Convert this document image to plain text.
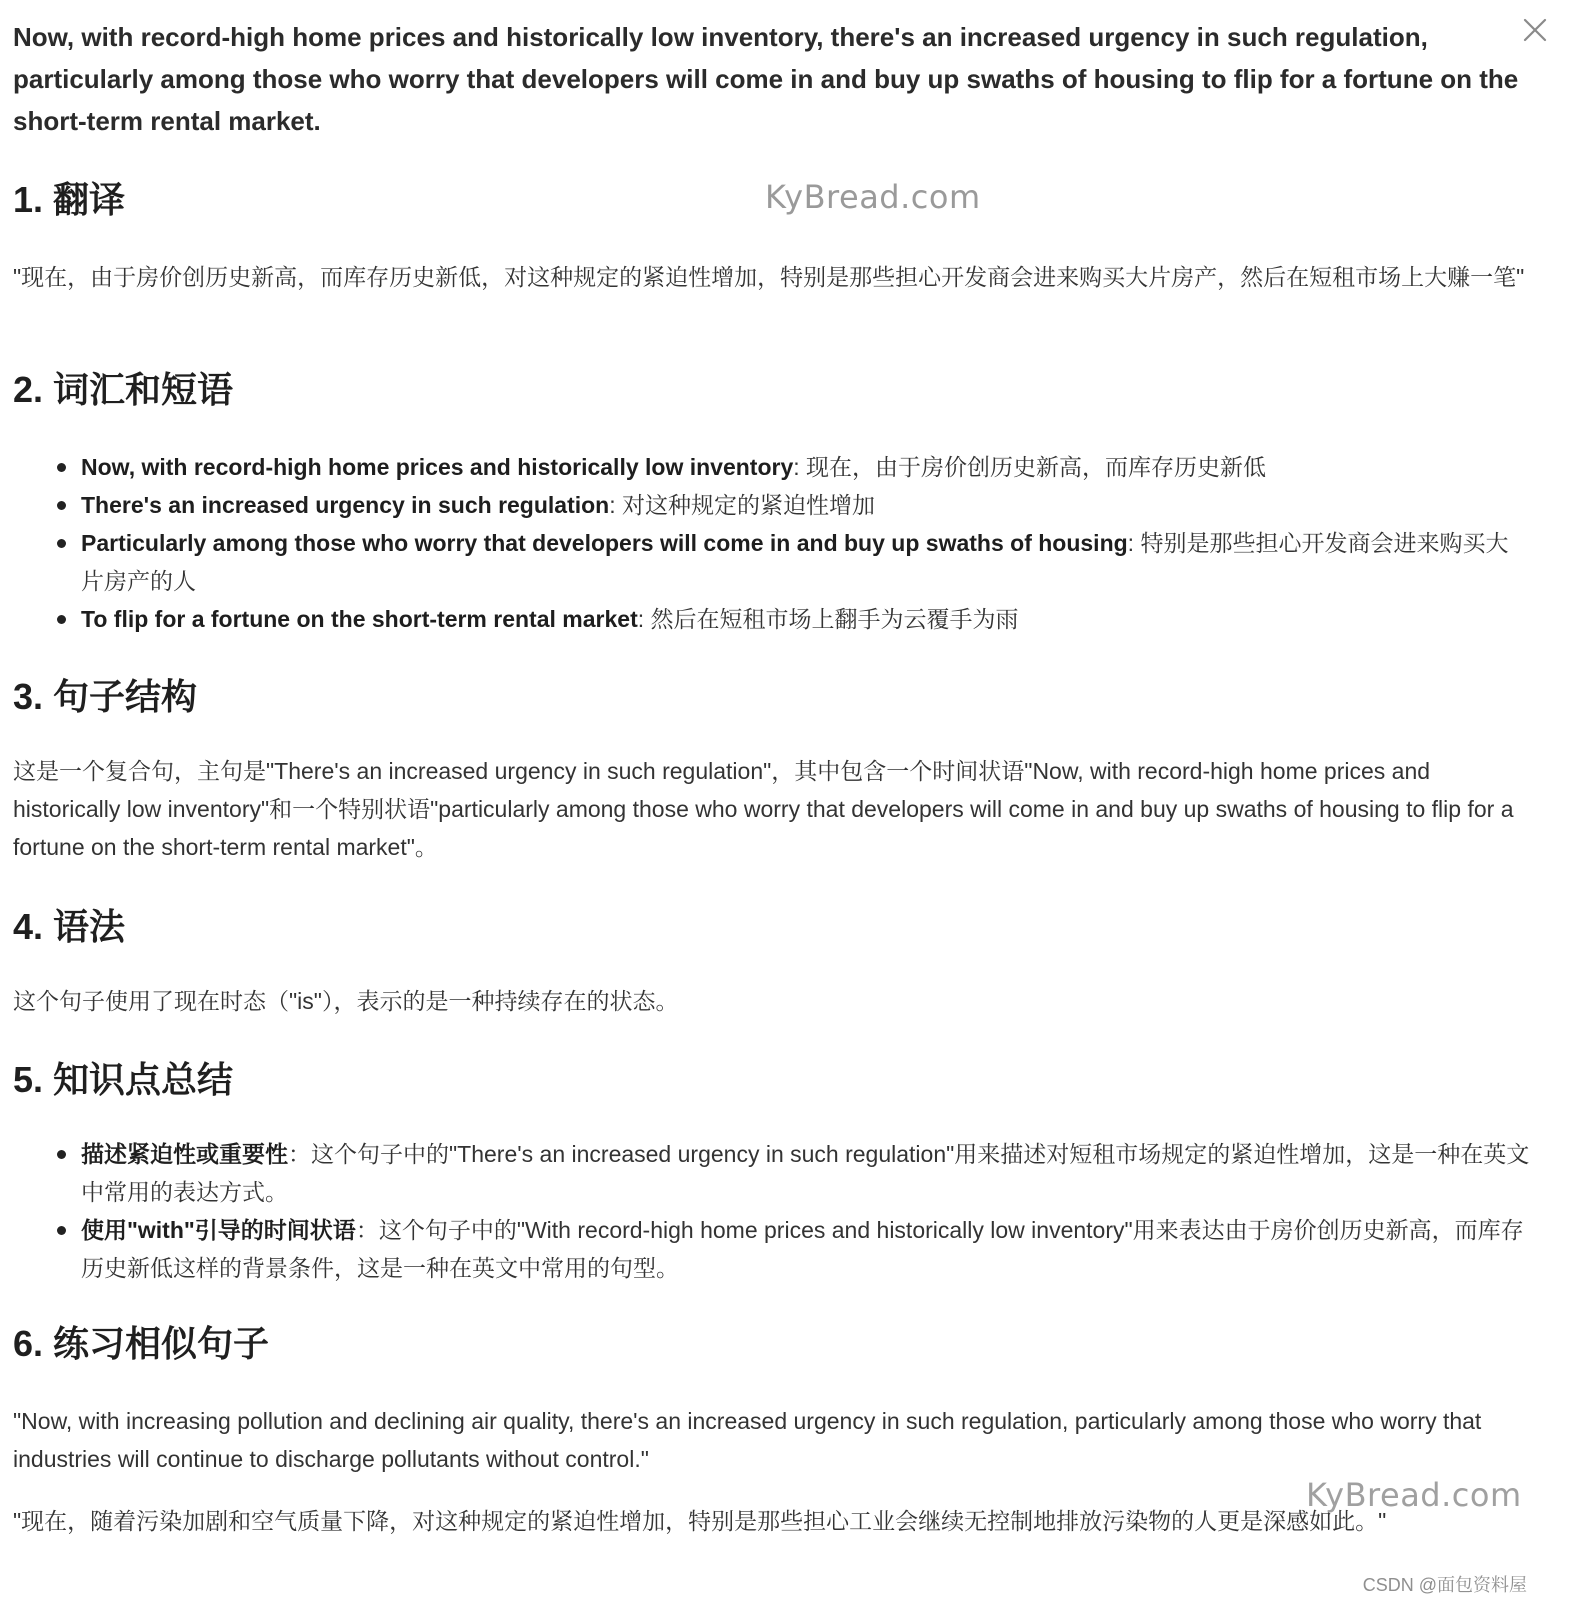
Now, with record-high home prices and historically low inventory, there's an increased urgency in such regulation, particularly among those who worry that developers will come in and buy up swaths of housing to flip for a fortune on the short-term rental market.

1. 翻译

"现在，由于房价创历史新高，而库存历史新低，对这种规定的紧迫性增加，特别是那些担心开发商会进来购买大片房产，然后在短租市场上大赚一笔"

2. 词汇和短语
Now, with record-high home prices and historically low inventory: 现在，由于房价创历史新高，而库存历史新低
There's an increased urgency in such regulation: 对这种规定的紧迫性增加
Particularly among those who worry that developers will come in and buy up swaths of housing: 特别是那些担心开发商会进来购买大片房产的人
To flip for a fortune on the short-term rental market: 然后在短租市场上翻手为云覆手为雨
3. 句子结构

这是一个复合句，主句是"There's an increased urgency in such regulation"，其中包含一个时间状语"Now, with record-high home prices and historically low inventory"和一个特别状语"particularly among those who worry that developers will come in and buy up swaths of housing to flip for a fortune on the short-term rental market"。

4. 语法

这个句子使用了现在时态（"is"），表示的是一种持续存在的状态。

5. 知识点总结
描述紧迫性或重要性：这个句子中的"There's an increased urgency in such regulation"用来描述对短租市场规定的紧迫性增加，这是一种在英文中常用的表达方式。
使用"with"引导的时间状语：这个句子中的"With record-high home prices and historically low inventory"用来表达由于房价创历史新高，而库存历史新低这样的背景条件，这是一种在英文中常用的句型。
6. 练习相似句子

"Now, with increasing pollution and declining air quality, there's an increased urgency in such regulation, particularly among those who worry that industries will continue to discharge pollutants without control."

"现在，随着污染加剧和空气质量下降，对这种规定的紧迫性增加，特别是那些担心工业会继续无控制地排放污染物的人更是深感如此。"

KyBread.com
KyBread.com
CSDN @面包资料屋
